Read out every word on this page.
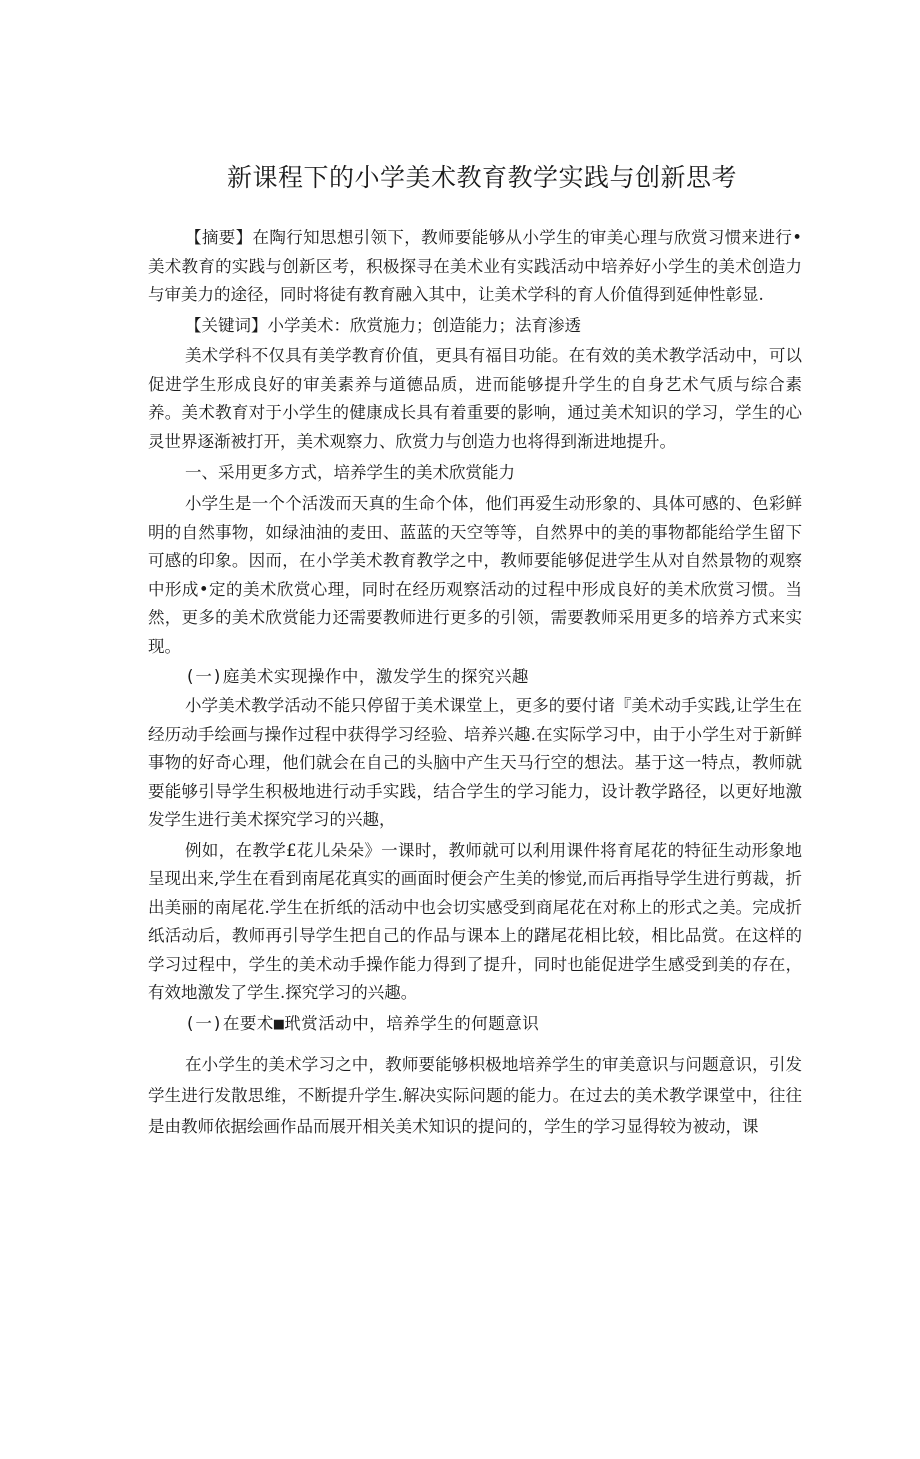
新课程下的小学美术教育教学实践与创新思考

【摘要】在陶行知思想引领下，教师要能够从小学生的审美心理与欣赏习惯来进行•美术教育的实践与创新区考，积极探寻在美术业有实践活动中培养好小学生的美术创造力与审美力的途径，同时将徒有教育融入其中，让美术学科的育人价值得到延伸性彰显.

【关键词】小学美术：欣赏施力；创造能力；法育渗透

美术学科不仅具有美学教育价值，更具有福目功能。在有效的美术教学活动中，可以促进学生形成良好的审美素养与道德品质，进而能够提升学生的自身艺术气质与综合素养。美术教育对于小学生的健康成长具有着重要的影响，通过美术知识的学习，学生的心灵世界逐渐被打开，美术观察力、欣赏力与创造力也将得到渐进地提升。

一、采用更多方式，培养学生的美术欣赏能力

小学生是一个个活泼而天真的生命个体，他们再爱生动形象的、具体可感的、色彩鲜明的自然事物，如绿油油的麦田、蓝蓝的天空等等，自然界中的美的事物都能给学生留下可感的印象。因而，在小学美术教育教学之中，教师要能够促进学生从对自然景物的观察中形成•定的美术欣赏心理，同时在经历观察活动的过程中形成良好的美术欣赏习惯。当然，更多的美术欣赏能力还需要教师进行更多的引领，需要教师采用更多的培养方式来实现。

(一)庭美术实现操作中，激发学生的探究兴趣

小学美术教学活动不能只停留于美术课堂上，更多的要付诸『美术动手实践,让学生在经历动手绘画与操作过程中获得学习经验、培养兴趣.在实际学习中，由于小学生对于新鲜事物的好奇心理，他们就会在自己的头脑中产生天马行空的想法。基于这一特点，教师就要能够引导学生积极地进行动手实践，结合学生的学习能力，设计教学路径，以更好地激发学生进行美术探究学习的兴趣，

例如，在教学£花儿朵朵》一课时，教师就可以利用课件将育尾花的特征生动形象地呈现出来,学生在看到南尾花真实的画面时便会产生美的惨觉,而后再指导学生进行剪裁，折出美丽的南尾花.学生在折纸的活动中也会切实感受到商尾花在对称上的形式之美。完成折纸活动后，教师再引导学生把自己的作品与课本上的躇尾花相比较，相比品赏。在这样的学习过程中，学生的美术动手操作能力得到了提升，同时也能促进学生感受到美的存在，有效地激发了学生.探究学习的兴趣。

(一)在要术■玳赏活动中，培养学生的何题意识

在小学生的美术学习之中，教师要能够枳极地培养学生的审美意识与问题意识，引发学生进行发散思维，不断提升学生.解决实际问题的能力。在过去的美术教学课堂中，往往是由教师依据绘画作品而展开相关美术知识的提问的，学生的学习显得较为被动，课
